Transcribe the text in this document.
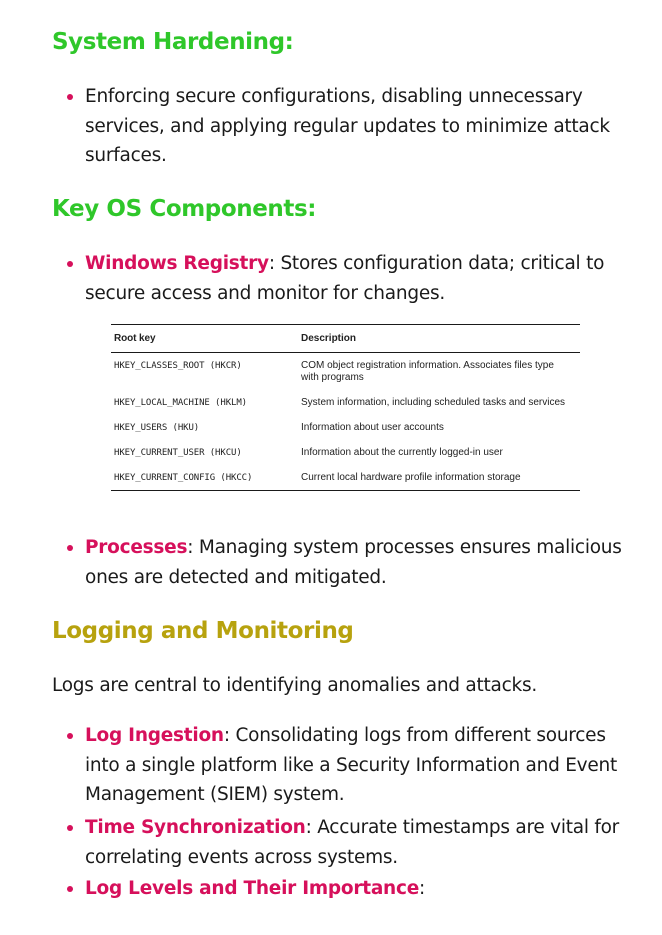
System Hardening:

Enforcing secure configurations, disabling unnecessary services, and applying regular updates to minimize attack surfaces.

Key OS Components:

Windows Registry: Stores configuration data; critical to secure access and monitor for changes.

Root key	Description
HKEY_CLASSES_ROOT (HKCR)	COM object registration information. Associates files type with programs
HKEY_LOCAL_MACHINE (HKLM)	System information, including scheduled tasks and services
HKEY_USERS (HKU)	Information about user accounts
HKEY_CURRENT_USER (HKCU)	Information about the currently logged-in user
HKEY_CURRENT_CONFIG (HKCC)	Current local hardware profile information storage

Processes: Managing system processes ensures malicious ones are detected and mitigated.

Logging and Monitoring

Logs are central to identifying anomalies and attacks.

Log Ingestion: Consolidating logs from different sources into a single platform like a Security Information and Event Management (SIEM) system.

Time Synchronization: Accurate timestamps are vital for correlating events across systems.

Log Levels and Their Importance:
